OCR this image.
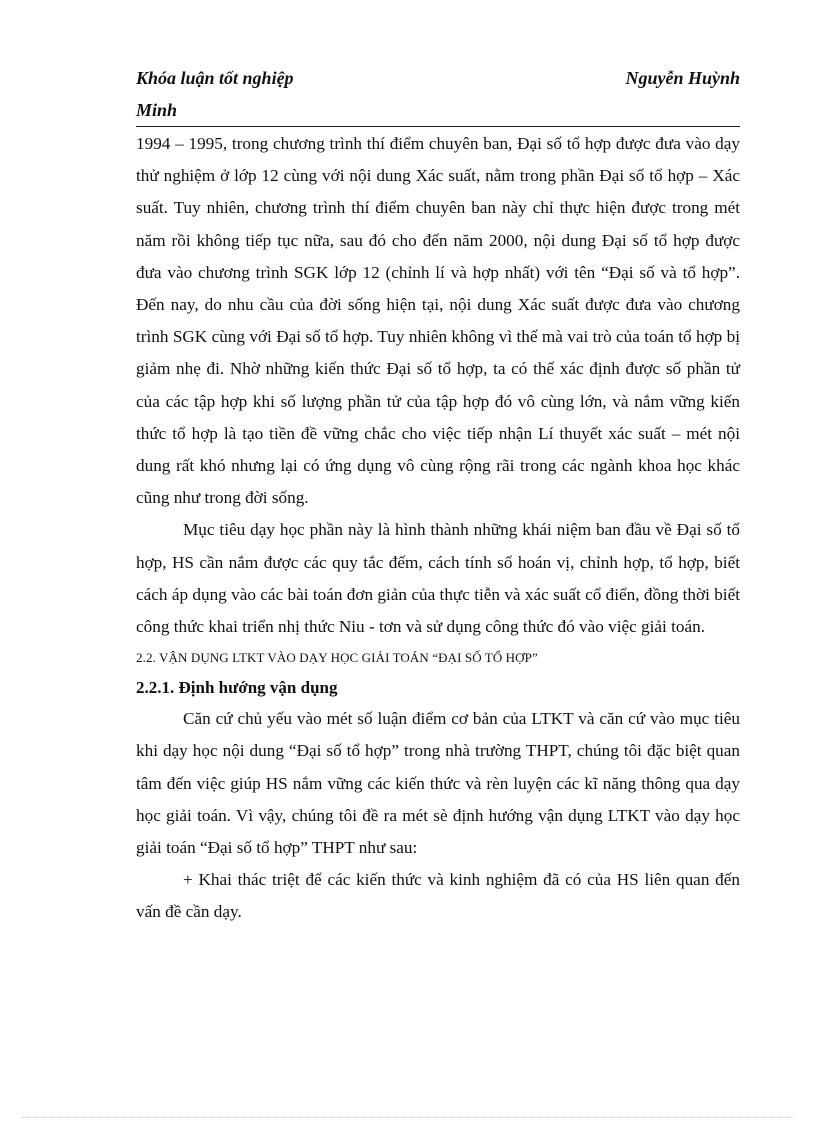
Khóa luận tốt nghiệp	Nguyễn Huỳnh
Minh

1994 – 1995, trong chương trình thí điểm chuyên ban, Đại số tổ hợp được đưa vào dạy thử nghiệm ở lớp 12 cùng với nội dung Xác suất, nằm trong phần Đại số tổ hợp – Xác suất. Tuy nhiên, chương trình thí điểm chuyên ban này chỉ thực hiện được trong mét năm rồi không tiếp tục nữa, sau đó cho đến năm 2000, nội dung Đại số tổ hợp được đưa vào chương trình SGK lớp 12 (chỉnh lí và hợp nhất) với tên “Đại số và tổ hợp”. Đến nay, do nhu cầu của đời sống hiện tại, nội dung Xác suất được đưa vào chương trình SGK cùng với Đại số tổ hợp. Tuy nhiên không vì thế mà vai trò của toán tổ hợp bị giảm nhẹ đi. Nhờ những kiến thức Đại số tổ hợp, ta có thể xác định được số phần tử của các tập hợp khi số lượng phần tử của tập hợp đó vô cùng lớn, và nắm vững kiến thức tổ hợp là tạo tiền đề vững chắc cho việc tiếp nhận Lí thuyết xác suất – mét nội dung rất khó nhưng lại có ứng dụng vô cùng rộng rãi trong các ngành khoa học khác cũng như trong đời sống.

Mục tiêu dạy học phần này là hình thành những khái niệm ban đầu về Đại số tổ hợp, HS cần nắm được các quy tắc đếm, cách tính số hoán vị, chỉnh hợp, tổ hợp, biết cách áp dụng vào các bài toán đơn giản của thực tiễn và xác suất cổ điển, đồng thời biết công thức khai triển nhị thức Niu - tơn và sử dụng công thức đó vào việc giải toán.

2.2. VẬN DỤNG LTKT VÀO DẠY HỌC GIẢI TOÁN “ĐẠI SỐ TỔ HỢP”
2.2.1. Định hướng vận dụng

Căn cứ chủ yếu vào mét số luận điểm cơ bản của LTKT và căn cứ vào mục tiêu khi dạy học nội dung “Đại số tổ hợp” trong nhà trường THPT, chúng tôi đặc biệt quan tâm đến việc giúp HS nắm vững các kiến thức và rèn luyện các kĩ năng thông qua dạy học giải toán. Vì vậy, chúng tôi đề ra mét sè định hướng vận dụng LTKT vào dạy học giải toán “Đại số tổ hợp” THPT như sau:

+ Khai thác triệt để các kiến thức và kinh nghiệm đã có của HS liên quan đến vấn đề cần dạy.
